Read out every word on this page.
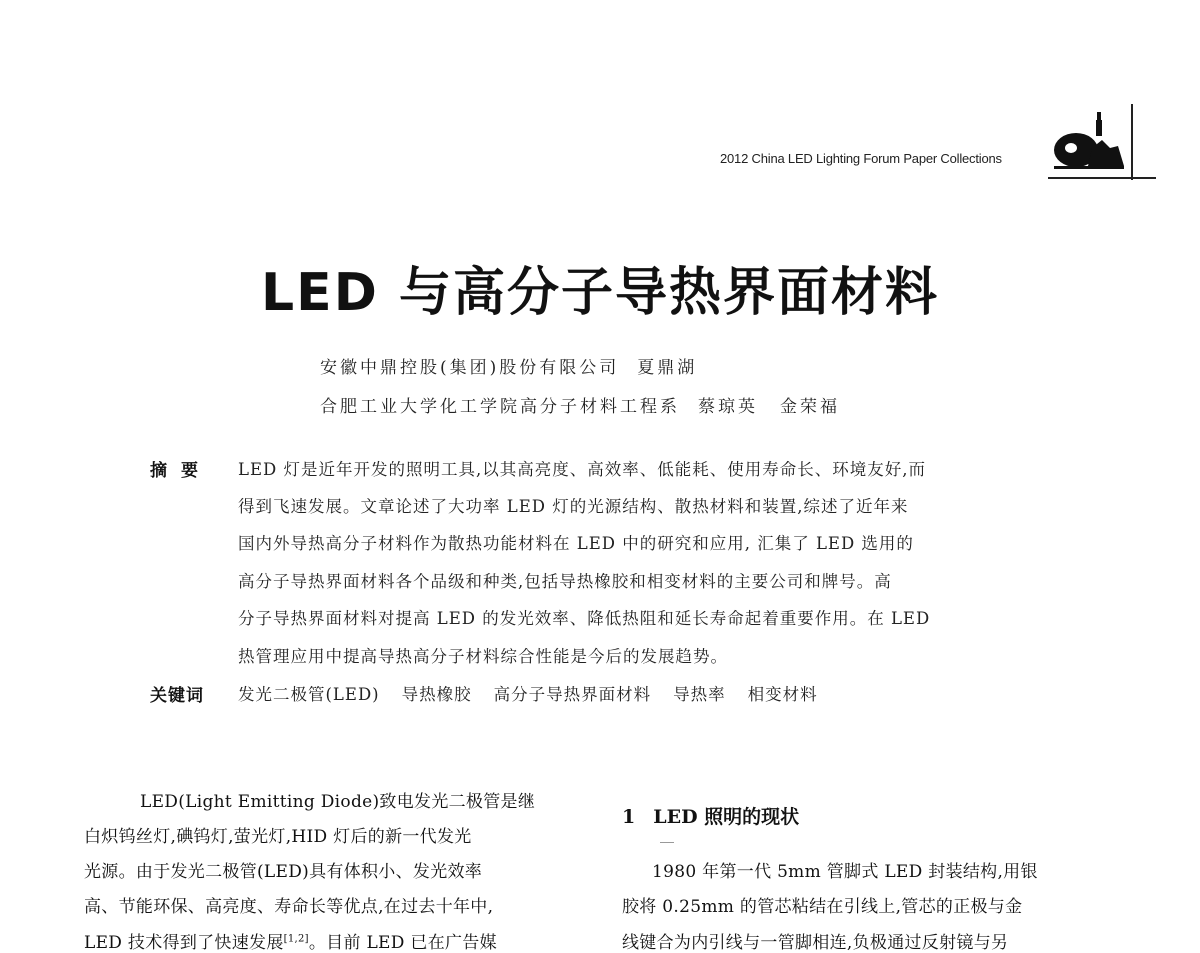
2012 China LED Lighting Forum Paper Collections
LED 与高分子导热界面材料
安徽中鼎控股(集团)股份有限公司 夏鼎湖
合肥工业大学化工学院高分子材料工程系 蔡琼英 金荣福
摘要 LED 灯是近年开发的照明工具,以其高亮度、高效率、低能耗、使用寿命长、环境友好,而
得到飞速发展。文章论述了大功率 LED 灯的光源结构、散热材料和装置,综述了近年来
国内外导热高分子材料作为散热功能材料在 LED 中的研究和应用, 汇集了 LED 选用的
高分子导热界面材料各个品级和种类,包括导热橡胶和相变材料的主要公司和牌号。高
分子导热界面材料对提高 LED 的发光效率、降低热阻和延长寿命起着重要作用。在 LED
热管理应用中提高导热高分子材料综合性能是今后的发展趋势。
关键词 发光二极管(LED) 导热橡胶 高分子导热界面材料 导热率 相变材料
LED(Light Emitting Diode)致电发光二极管是继
白炽钨丝灯,碘钨灯,萤光灯,HID 灯后的新一代发光
光源。由于发光二极管(LED)具有体积小、发光效率
高、节能环保、高亮度、寿命长等优点,在过去十年中,
LED 技术得到了快速发展[1,2]。目前 LED 已在广告媒
1 LED 照明的现状
1980 年第一代 5mm 管脚式 LED 封装结构,用银
胶将 0.25mm 的管芯粘结在引线上,管芯的正极与金
线键合为内引线与一管脚相连,负极通过反射镜与另
